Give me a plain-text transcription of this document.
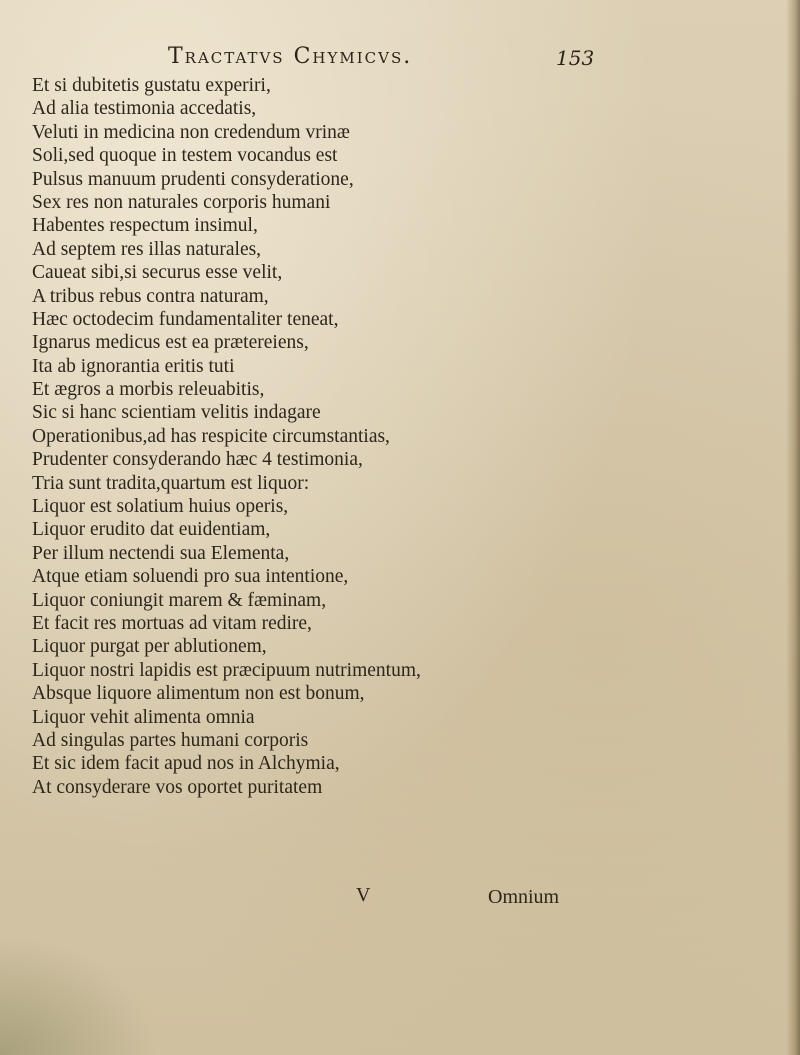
Tractatvs Chymicvs.	153
Et si dubitetis gustatu experiri,
Ad alia testimonia accedatis,
Veluti in medicina non credendum vrinæ
Soli,sed quoque in testem vocandus est
Pulsus manuum prudenti consyderatione,
Sex res non naturales corporis humani
Habentes respectum insimul,
Ad septem res illas naturales,
Caueat sibi,si securus esse velit,
A tribus rebus contra naturam,
Hæc octodecim fundamentaliter teneat,
Ignarus medicus est ea prætereiens,
Ita ab ignorantia eritis tuti
Et ægros a morbis releuabitis,
Sic si hanc scientiam velitis indagare
Operationibus,ad has respicite circumstantias,
Prudenter consyderando hæc 4 testimonia,
Tria sunt tradita,quartum est liquor:
Liquor est solatium huius operis,
Liquor erudito dat euidentiam,
Per illum nectendi sua Elementa,
Atque etiam soluendi pro sua intentione,
Liquor coniungit marem & fæminam,
Et facit res mortuas ad vitam redire,
Liquor purgat per ablutionem,
Liquor nostri lapidis est præcipuum nutrimentum,
Absque liquore alimentum non est bonum,
Liquor vehit alimenta omnia
Ad singulas partes humani corporis
Et sic idem facit apud nos in Alchymia,
At consyderare vos oportet puritatem
V	Omnium
